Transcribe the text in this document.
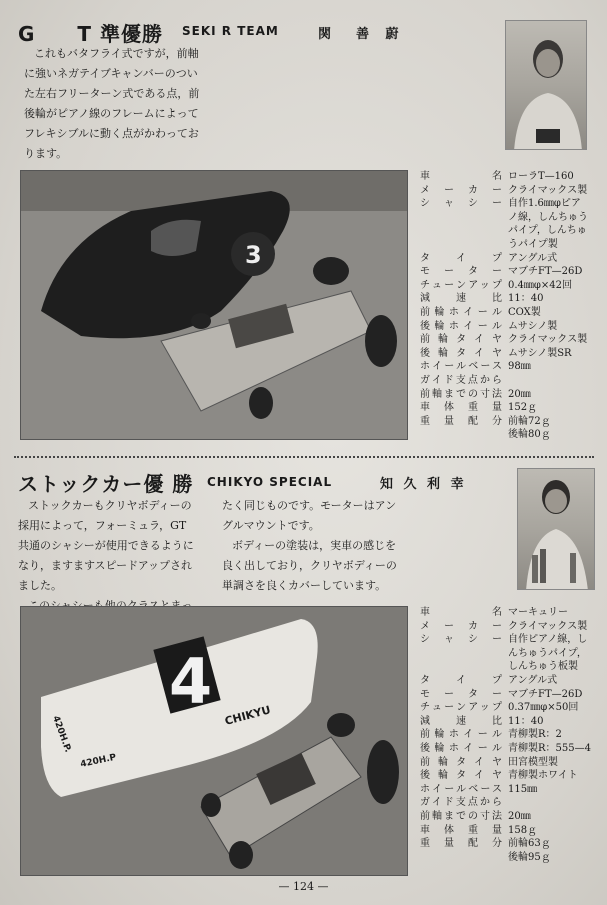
G　　T 準優勝 SEKI R TEAM	関　善 蔚

これもバタフライ式ですが，前軸

に強いネガテイブキャンバーのつい

た左右フリーターン式である点，前

後輪がピアノ線のフレームによって

フレキシブルに動く点がかわってお

ります。

3
車　　　名 ローラT—160
メ ー カ ー クライマックス製
シ ャ シ ー 自作1.6㎜φピア
ノ線，しんちゅう
パイプ，しんちゅ
うパイプ製
タ　イ　プ アングル式
モ ー タ ー マブチFT—26D
チューンアップ 0.4㎜φ×42回
減 速 比 11：40
前輪ホイール COX製
後輪ホイール ムサシノ製
前輪タイヤ クライマックス製
後輪タイヤ ムサシノ製SR
ホイールベース 98㎜
ガイド支点から
前軸までの寸法 20㎜
車 体 重 量 152ｇ
重 量 配 分 前輪72ｇ
後輪80ｇ
ストックカー優 勝 CHIKYO SPECIAL	知 久 利 幸

ストックカーもクリヤボディーの

採用によって，フォーミュラ，GT

共通のシャシーが使用できるように

なり，ますますスピードアップされ

ました。

たく同じものです。モーターはアン

グルマウントです。

ボディーの塗装は，実車の感じを

良く出しており，クリヤボディーの

単調さを良くカバーしています。

4 CHIKYU
420H.P.
420H.P
車　　　名 マーキュリー
メ ー カ ー クライマックス製
シ ャ シ ー 自作ピアノ線，し
んちゅうパイプ，
しんちゅう板製
タ　イ　プ アングル式
モ ー タ ー マブチFT—26D
チューンアップ 0.37㎜φ×50回
減 速 比 11：40
前輪ホイール 青柳製R：2
後輪ホイール 青柳製R：555—4
前輪タイヤ 田宮模型製
後輪タイヤ 青柳製ホワイト
ホイールベース 115㎜
ガイド支点から
前軸までの寸法 20㎜
車 体 重 量 158ｇ
重 量 配 分 前輪63ｇ
後輪95ｇ
— 124 —
